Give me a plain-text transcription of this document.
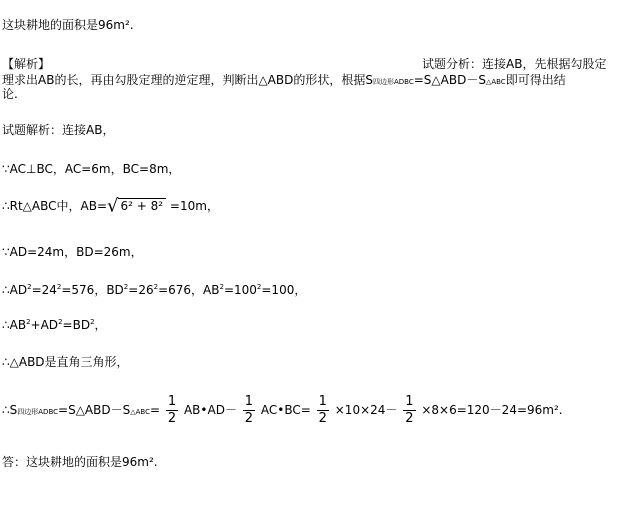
这块耕地的面积是96m².
【解析】	试题分析：连接AB，先根据勾股定
理求出AB的长，再由勾股定理的逆定理，判断出△ABD的形状，根据S四边形ADBC=S△ABD－S△ABC即可得出结
论.
试题解析：连接AB，
∵AC⊥BC，AC=6m，BC=8m，
∴Rt△ABC中，AB=√ 6² + 8² =10m，
∵AD=24m，BD=26m，
$\therefore AD^2=24^2=576$，$BD^2=26^2=676$，$AB^2=100^2=100$，
$\therefore AB^2+AD^2=BD^2$，
∴△ABD是直角三角形，
∴S四边形ADBC=S△ABD－S△ABC= $\frac{1}{2}$ AB•AD－ $\frac{1}{2}$ AC•BC= $\frac{1}{2} \times 10\times 24- \frac{1}{2} \times 8\times 6=120-24=96m^2$.
答：这块耕地的面积是96m².
